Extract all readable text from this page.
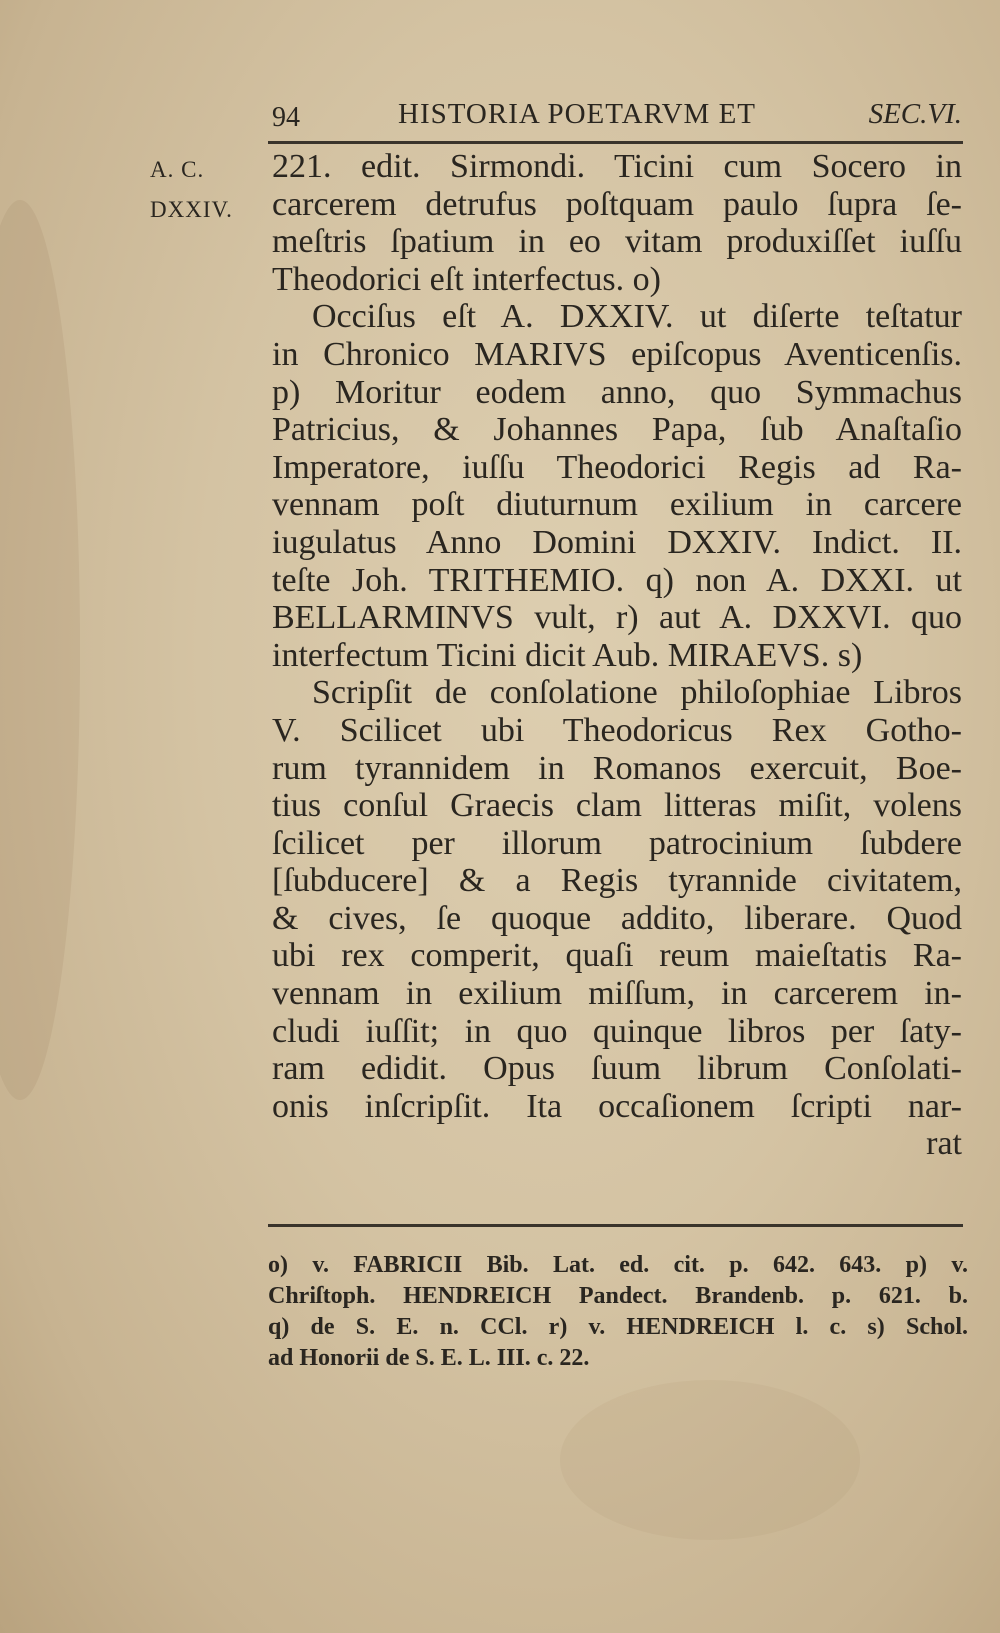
94	HISTORIA POETARVM ET	SEC.VI.
A. C.
DXXIV.
221. edit. Sirmondi. Ticini cum Socero in
carcerem detrufus poſtquam paulo ſupra ſe-
meſtris ſpatium in eo vitam produxiſſet iuſſu
Theodorici eſt interfectus. o)
Occiſus eſt A. DXXIV. ut diſerte teſtatur
in Chronico MARIVS epiſcopus Aventicenſis.
p) Moritur eodem anno, quo Symmachus
Patricius, & Johannes Papa, ſub Anaſtaſio
Imperatore, iuſſu Theodorici Regis ad Ra-
vennam poſt diuturnum exilium in carcere
iugulatus Anno Domini DXXIV. Indict. II.
teſte Joh. TRITHEMIO. q) non A. DXXI. ut
BELLARMINVS vult, r) aut A. DXXVI. quo
interfectum Ticini dicit Aub. MIRAEVS. s)
Scripſit de conſolatione philoſophiae Libros
V. Scilicet ubi Theodoricus Rex Gotho-
rum tyrannidem in Romanos exercuit, Boe-
tius conſul Graecis clam litteras miſit, volens
ſcilicet per illorum patrocinium ſubdere
[ſubducere] & a Regis tyrannide civitatem,
& cives, ſe quoque addito, liberare. Quod
ubi rex comperit, quaſi reum maieſtatis Ra-
vennam in exilium miſſum, in carcerem in-
cludi iuſſit; in quo quinque libros per ſaty-
ram edidit. Opus ſuum librum Conſolati-
onis inſcripſit. Ita occaſionem ſcripti nar-
rat
o) v. FABRICII Bib. Lat. ed. cit. p. 642. 643. p) v.
Chriſtoph. HENDREICH Pandect. Brandenb. p. 621. b.
q) de S. E. n. CCl. r) v. HENDREICH l. c. s) Schol.
ad Honorii de S. E. L. III. c. 22.
